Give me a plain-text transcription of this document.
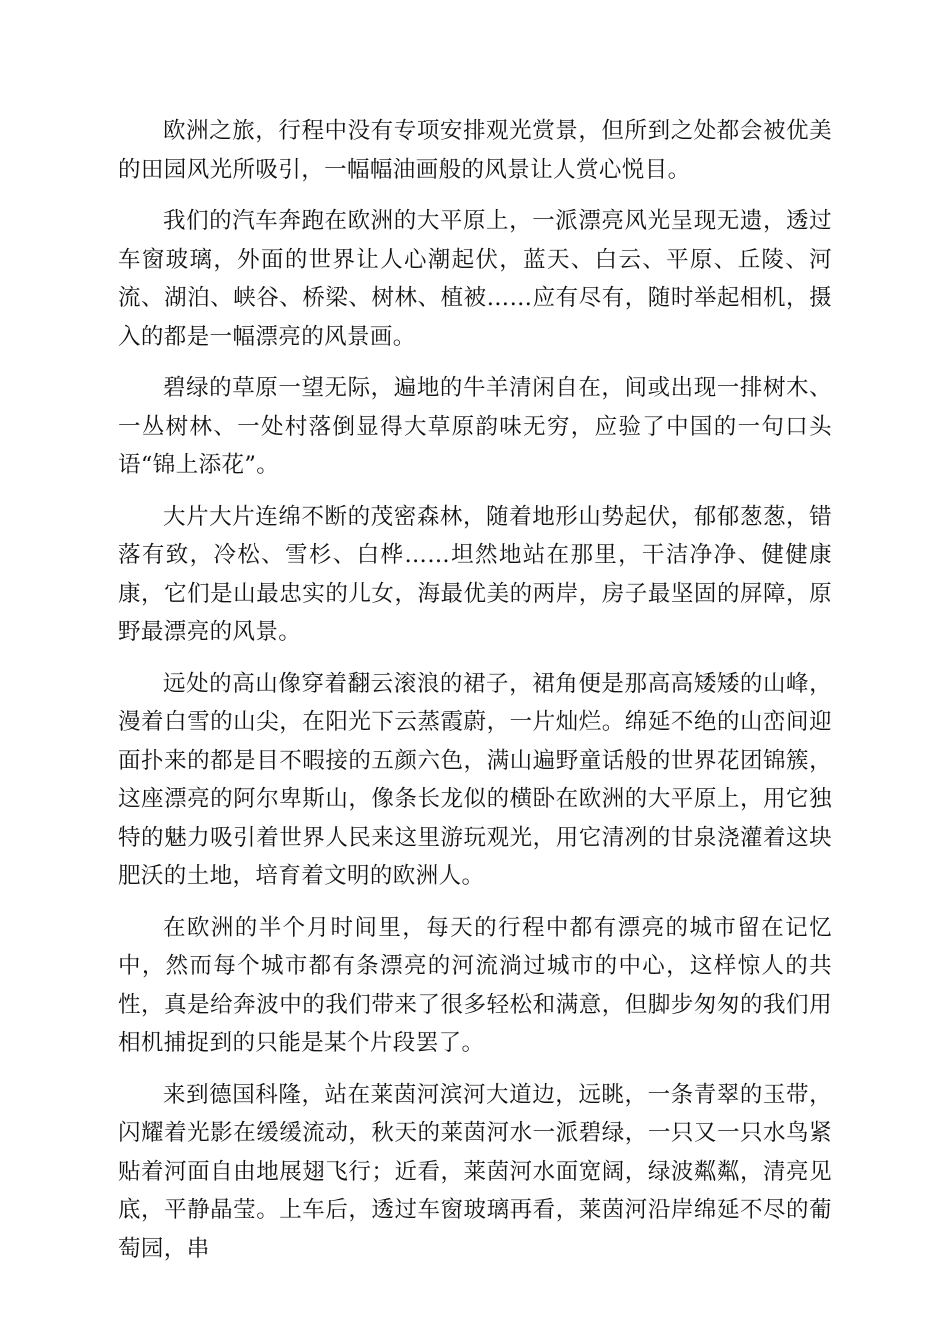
欧洲之旅，行程中没有专项安排观光赏景，但所到之处都会被优美的田园风光所吸引，一幅幅油画般的风景让人赏心悦目。

我们的汽车奔跑在欧洲的大平原上，一派漂亮风光呈现无遗，透过车窗玻璃，外面的世界让人心潮起伏，蓝天、白云、平原、丘陵、河流、湖泊、峡谷、桥梁、树林、植被……应有尽有，随时举起相机，摄入的都是一幅漂亮的风景画。

碧绿的草原一望无际，遍地的牛羊清闲自在，间或出现一排树木、一丛树林、一处村落倒显得大草原韵味无穷，应验了中国的一句口头语“锦上添花”。

大片大片连绵不断的茂密森林，随着地形山势起伏，郁郁葱葱，错落有致，冷松、雪杉、白桦……坦然地站在那里，干洁净净、健健康康，它们是山最忠实的儿女，海最优美的两岸，房子最坚固的屏障，原野最漂亮的风景。

远处的高山像穿着翻云滚浪的裙子，裙角便是那高高矮矮的山峰，漫着白雪的山尖，在阳光下云蒸霞蔚，一片灿烂。绵延不绝的山峦间迎面扑来的都是目不暇接的五颜六色，满山遍野童话般的世界花团锦簇，这座漂亮的阿尔卑斯山，像条长龙似的横卧在欧洲的大平原上，用它独特的魅力吸引着世界人民来这里游玩观光，用它清冽的甘泉浇灌着这块肥沃的土地，培育着文明的欧洲人。

在欧洲的半个月时间里，每天的行程中都有漂亮的城市留在记忆中，然而每个城市都有条漂亮的河流淌过城市的中心，这样惊人的共性，真是给奔波中的我们带来了很多轻松和满意，但脚步匆匆的我们用相机捕捉到的只能是某个片段罢了。

来到德国科隆，站在莱茵河滨河大道边，远眺，一条青翠的玉带，闪耀着光影在缓缓流动，秋天的莱茵河水一派碧绿，一只又一只水鸟紧贴着河面自由地展翅飞行；近看，莱茵河水面宽阔，绿波粼粼，清亮见底，平静晶莹。上车后，透过车窗玻璃再看，莱茵河沿岸绵延不尽的葡萄园，串
